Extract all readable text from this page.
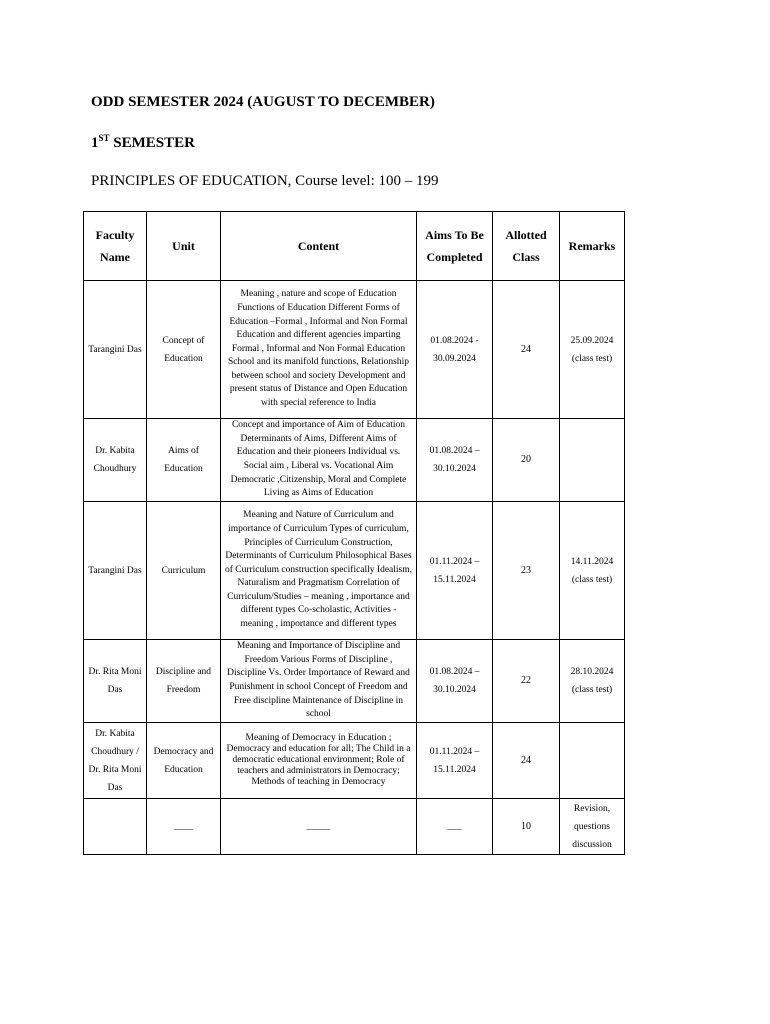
ODD SEMESTER 2024 (AUGUST TO DECEMBER)
1ST SEMESTER
PRINCIPLES OF EDUCATION, Course level: 100 – 199
Faculty Name	Unit	Content	Aims To Be Completed	Allotted Class	Remarks
Tarangini Das	Concept of Education	Meaning , nature and scope of Education Functions of Education Different Forms of Education –Formal , Informal and Non Formal Education and different agencies imparting Formal , Informal and Non Formal Education School and its manifold functions, Relationship between school and society Development and present status of Distance and Open Education with special reference to India	01.08.2024 - 30.09.2024	24	25.09.2024 (class test)
Dr. Kabita Choudhury	Aims of Education	Concept and importance of Aim of Education Determinants of Aims, Different Aims of Education and their pioneers Individual vs. Social aim , Liberal vs. Vocational Aim Democratic ,Citizenship, Moral and Complete Living as Aims of Education	01.08.2024 – 30.10.2024	20	
Tarangini Das	Curriculum	Meaning and Nature of Curriculum and importance of Curriculum Types of curriculum, Principles of Curriculum Construction, Determinants of Curriculum Philosophical Bases of Curriculum construction specifically Idealism, Naturalism and Pragmatism Correlation of Curriculum/Studies – meaning , importance and different types Co-scholastic, Activities - meaning , importance and different types	01.11.2024 – 15.11.2024	23	14.11.2024 (class test)
Dr. Rita Moni Das	Discipline and Freedom	Meaning and Importance of Discipline and Freedom Various Forms of Discipline , Discipline Vs. Order Importance of Reward and Punishment in school Concept of Freedom and Free discipline Maintenance of Discipline in school	01.08.2024 – 30.10.2024	22	28.10.2024 (class test)
Dr. Kabita Choudhury / Dr. Rita Moni Das	Democracy and Education	Meaning of Democracy in Education ; Democracy and education for all; The Child in a democratic educational environment; Role of teachers and administrators in Democracy; Methods of teaching in Democracy	01.11.2024 – 15.11.2024	24	
	____	_____	___	10	Revision, questions discussion
